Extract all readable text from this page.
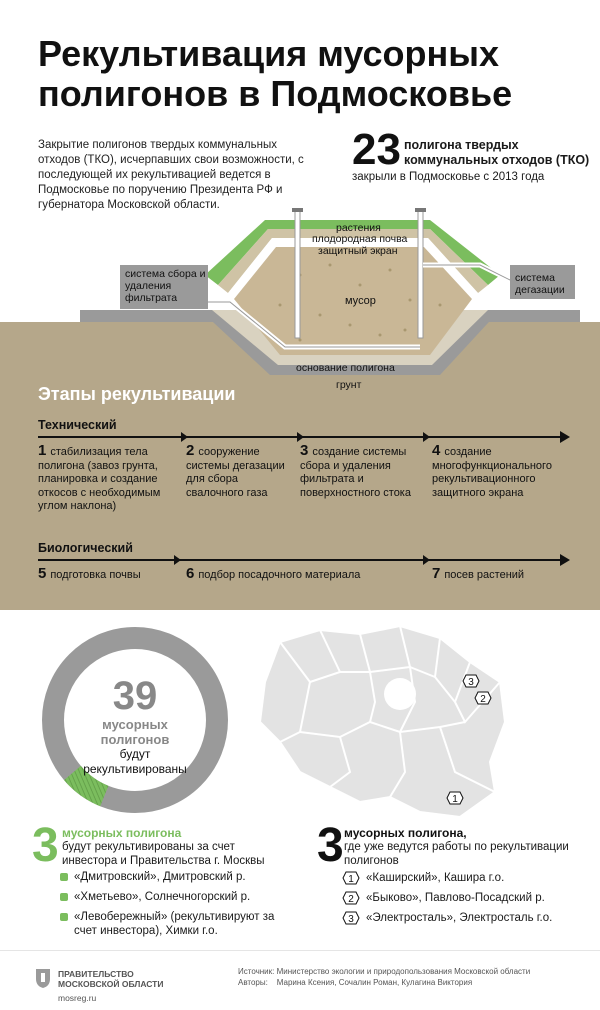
Рекультивация мусорных полигонов в Подмосковье
Закрытие полигонов твердых коммунальных отходов (ТКО), исчерпавших свои возможности, с последующей их рекультивацией ведется в Подмосковье по поручению Президента РФ и губернатора Московской области.
23 полигона твердых коммунальных отходов (ТКО)
закрыли в Подмосковье с 2013 года
растения
плодородная почва
защитный экран
мусор
основание полигона
грунт
система сбора и удаления фильтрата
система дегазации
Этапы рекультивации
Технический
1 стабилизация тела полигона (завоз грунта, планировка и создание откосов с необходимым углом наклона)
2 сооружение системы дегазации для сбора свалочного газа
3 создание системы сбора и удаления фильтрата и поверхностного стока
4 создание многофункционального рекультивационного защитного экрана
Биологический
5 подготовка почвы	6 подбор посадочного материала	7 посев растений
39
мусорных полигонов
будут рекультивированы
3
2
1
3 мусорных полигона
будут рекультивированы за счет инвестора и Правительства г. Москвы
«Дмитровский», Дмитровский р.
«Хметьево», Солнечногорский р.
«Левобережный» (рекультивируют за счет инвестора), Химки г.о.
3 мусорных полигона,
где уже ведутся работы по рекультивации полигонов
1 «Каширский», Кашира г.о.
2 «Быково», Павлово-Посадский р.
3 «Электросталь», Электросталь г.о.
ПРАВИТЕЛЬСТВО
МОСКОВСКОЙ ОБЛАСТИ
mosreg.ru
Источник: Министерство экологии и природопользования Московской области
Авторы: Марина Ксения, Сочалин Роман, Кулагина Виктория
